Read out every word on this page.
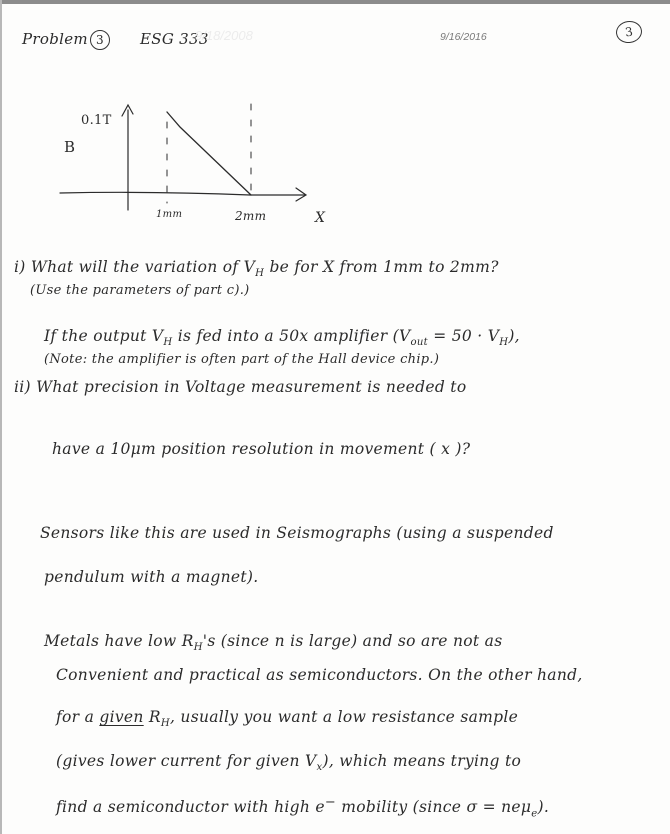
Problem 3	ESG 333
9/18/2008	9/16/2016	3
0.1T
B
1mm	2mm	X
i) What will the variation of $V_H$ be for X from 1mm to 2mm?
(Use the parameters of part c).)
If the output $V_H$ is fed into a 50x amplifier $(V_{out} = 50 \cdot V_H)$,
(Note: the amplifier is often part of the Hall device chip.)
ii) What precision in Voltage measurement is needed to
have a 10μm position resolution in movement ( x )?
Sensors like this are used in Seismographs (using a suspended
pendulum with a magnet).
Metals have low $R_H's$ (since n is large) and so are not as
Convenient and practical as semiconductors. On the other hand,
for a given $R_H$, usually you want a low resistance sample
(gives lower current for given $V_x$), which means trying to
find a semiconductor with high e− mobility (since σ = neμ$_e$).
